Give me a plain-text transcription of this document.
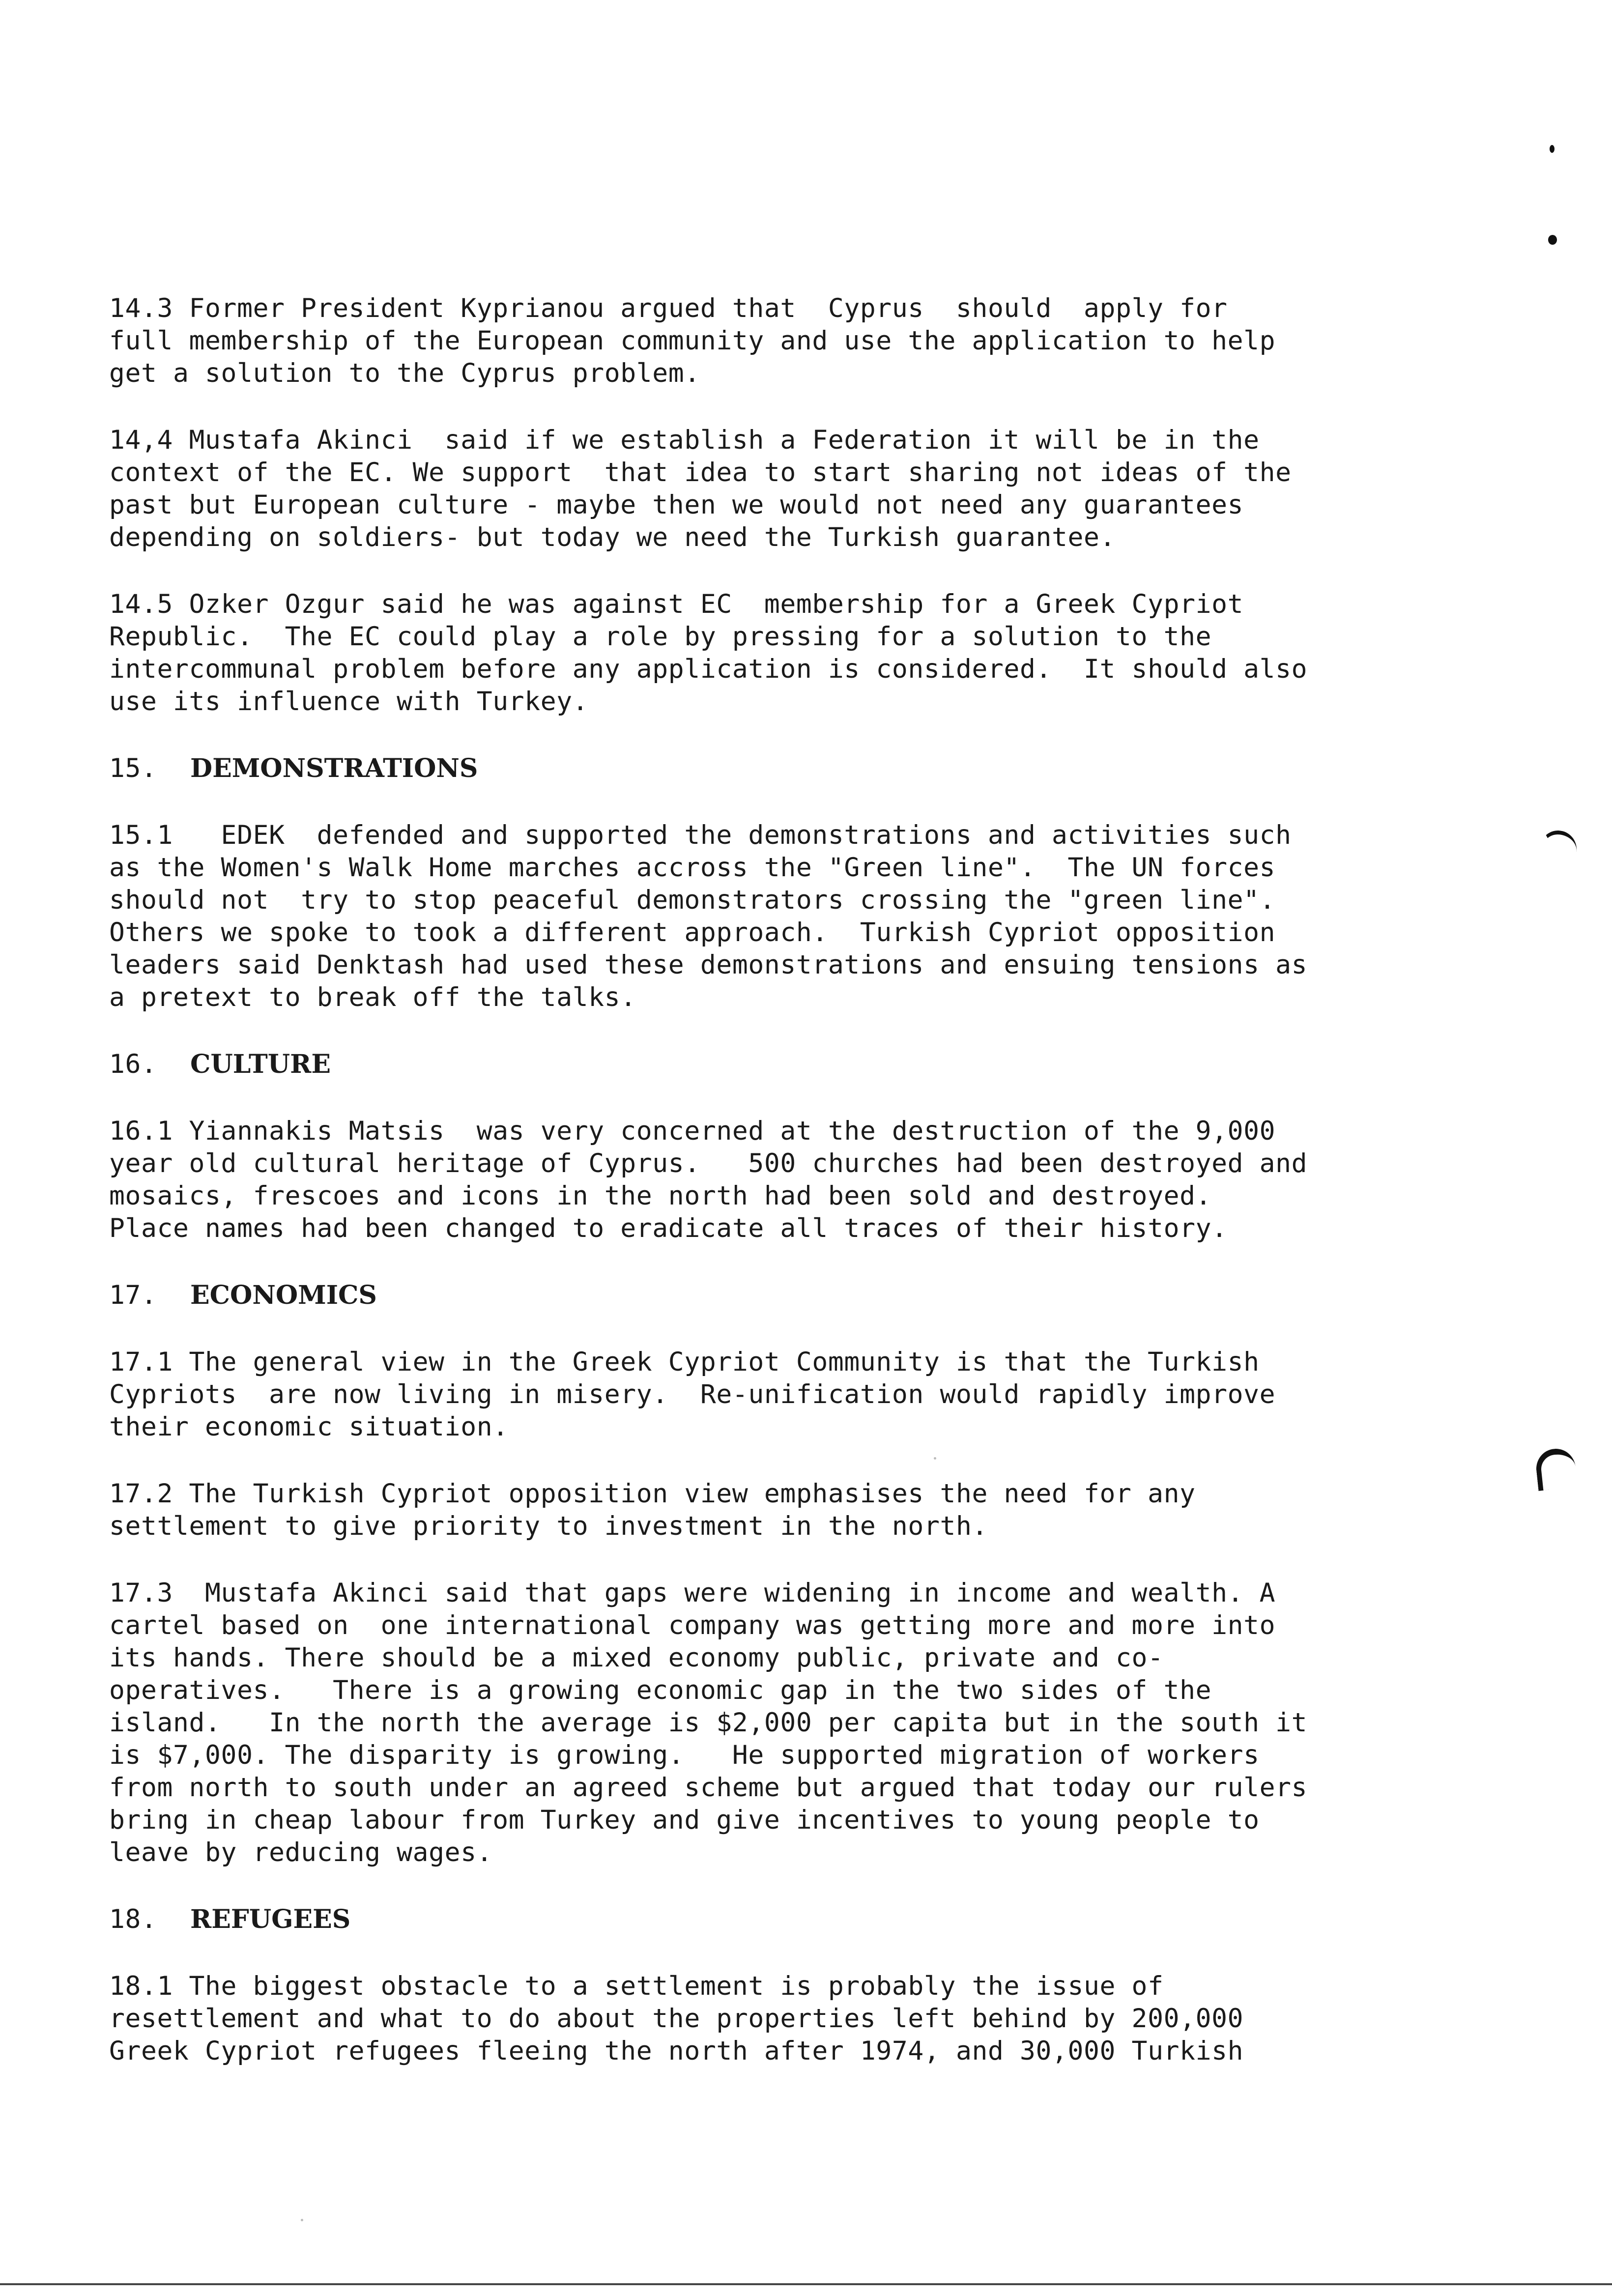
14.3 Former President Kyprianou argued that  Cyprus  should  apply for
full membership of the European community and use the application to help
get a solution to the Cyprus problem.

14,4 Mustafa Akinci  said if we establish a Federation it will be in the
context of the EC. We support  that idea to start sharing not ideas of the
past but European culture - maybe then we would not need any guarantees
depending on soldiers- but today we need the Turkish guarantee.

14.5 Ozker Ozgur said he was against EC  membership for a Greek Cypriot
Republic.  The EC could play a role by pressing for a solution to the
intercommunal problem before any application is considered.  It should also
use its influence with Turkey.

15. DEMONSTRATIONS

15.1   EDEK  defended and supported the demonstrations and activities such
as the Women's Walk Home marches accross the "Green line".  The UN forces
should not  try to stop peaceful demonstrators crossing the "green line".
Others we spoke to took a different approach.  Turkish Cypriot opposition
leaders said Denktash had used these demonstrations and ensuing tensions as
a pretext to break off the talks.

16. CULTURE

16.1 Yiannakis Matsis  was very concerned at the destruction of the 9,000
year old cultural heritage of Cyprus.   500 churches had been destroyed and
mosaics, frescoes and icons in the north had been sold and destroyed.
Place names had been changed to eradicate all traces of their history.

17. ECONOMICS

17.1 The general view in the Greek Cypriot Community is that the Turkish
Cypriots  are now living in misery.  Re-unification would rapidly improve
their economic situation.

17.2 The Turkish Cypriot opposition view emphasises the need for any
settlement to give priority to investment in the north.

17.3  Mustafa Akinci said that gaps were widening in income and wealth. A
cartel based on  one international company was getting more and more into
its hands. There should be a mixed economy public, private and co-
operatives.   There is a growing economic gap in the two sides of the
island.   In the north the average is $2,000 per capita but in the south it
is $7,000. The disparity is growing.   He supported migration of workers
from north to south under an agreed scheme but argued that today our rulers
bring in cheap labour from Turkey and give incentives to young people to
leave by reducing wages.

18. REFUGEES

18.1 The biggest obstacle to a settlement is probably the issue of
resettlement and what to do about the properties left behind by 200,000
Greek Cypriot refugees fleeing the north after 1974, and 30,000 Turkish
